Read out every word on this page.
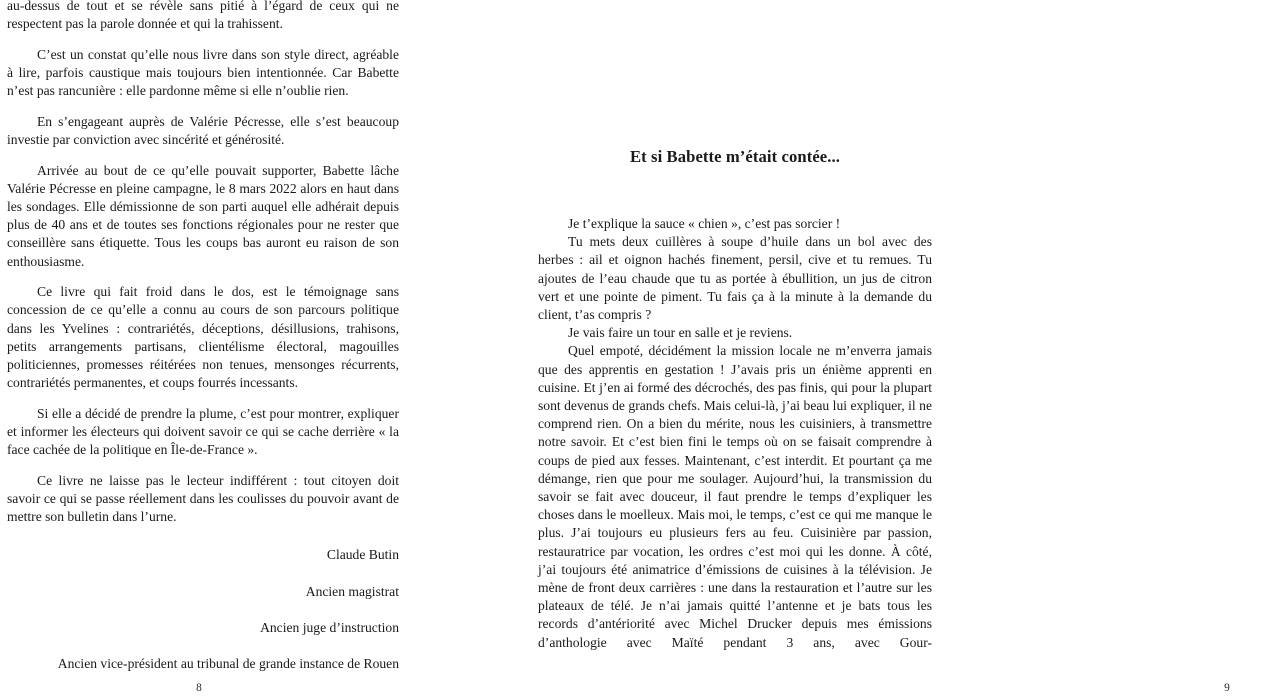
au-dessus de tout et se révèle sans pitié à l’égard de ceux qui ne respectent pas la parole donnée et qui la trahissent.

C’est un constat qu’elle nous livre dans son style direct, agréable à lire, parfois caustique mais toujours bien intentionnée. Car Babette n’est pas rancunière : elle pardonne même si elle n’oublie rien.

En s’engageant auprès de Valérie Pécresse, elle s’est beaucoup investie par conviction avec sincérité et générosité.

Arrivée au bout de ce qu’elle pouvait supporter, Babette lâche Valérie Pécresse en pleine campagne, le 8 mars 2022 alors en haut dans les sondages. Elle démissionne de son parti auquel elle adhérait depuis plus de 40 ans et de toutes ses fonctions régionales pour ne rester que conseillère sans étiquette. Tous les coups bas auront eu raison de son enthousiasme.

Ce livre qui fait froid dans le dos, est le témoignage sans concession de ce qu’elle a connu au cours de son parcours politique dans les Yvelines : contrariétés, déceptions, désillusions, trahisons, petits arrangements partisans, clientélisme électoral, magouilles politiciennes, promesses réitérées non tenues, mensonges récurrents, contrariétés permanentes, et coups fourrés incessants.

Si elle a décidé de prendre la plume, c’est pour montrer, expliquer et informer les électeurs qui doivent savoir ce qui se cache derrière « la face cachée de la politique en Île-de-France ».

Ce livre ne laisse pas le lecteur indifférent : tout citoyen doit savoir ce qui se passe réellement dans les coulisses du pouvoir avant de mettre son bulletin dans l’urne.

Claude Butin
Ancien magistrat
Ancien juge d’instruction
Ancien vice-président au tribunal de grande instance de Rouen
8
Et si Babette m’était contée...

Je t’explique la sauce « chien », c’est pas sorcier !

Tu mets deux cuillères à soupe d’huile dans un bol avec des herbes : ail et oignon hachés finement, persil, cive et tu remues. Tu ajoutes de l’eau chaude que tu as portée à ébullition, un jus de citron vert et une pointe de piment. Tu fais ça à la minute à la demande du client, t’as compris ?

Je vais faire un tour en salle et je reviens.

Quel empoté, décidément la mission locale ne m’enverra jamais que des apprentis en gestation ! J’avais pris un énième apprenti en cuisine. Et j’en ai formé des décrochés, des pas finis, qui pour la plupart sont devenus de grands chefs. Mais celui-là, j’ai beau lui expliquer, il ne comprend rien. On a bien du mérite, nous les cuisiniers, à transmettre notre savoir. Et c’est bien fini le temps où on se faisait comprendre à coups de pied aux fesses. Maintenant, c’est interdit. Et pourtant ça me démange, rien que pour me soulager. Aujourd’hui, la transmission du savoir se fait avec douceur, il faut prendre le temps d’expliquer les choses dans le moelleux. Mais moi, le temps, c’est ce qui me manque le plus. J’ai toujours eu plusieurs fers au feu. Cuisinière par passion, restauratrice par vocation, les ordres c’est moi qui les donne. À côté, j’ai toujours été animatrice d’émissions de cuisines à la télévision. Je mène de front deux carrières : une dans la restauration et l’autre sur les plateaux de télé. Je n’ai jamais quitté l’antenne et je bats tous les records d’antériorité avec Michel Drucker depuis mes émissions d’anthologie avec Maïté pendant 3 ans, avec Gour-

9
